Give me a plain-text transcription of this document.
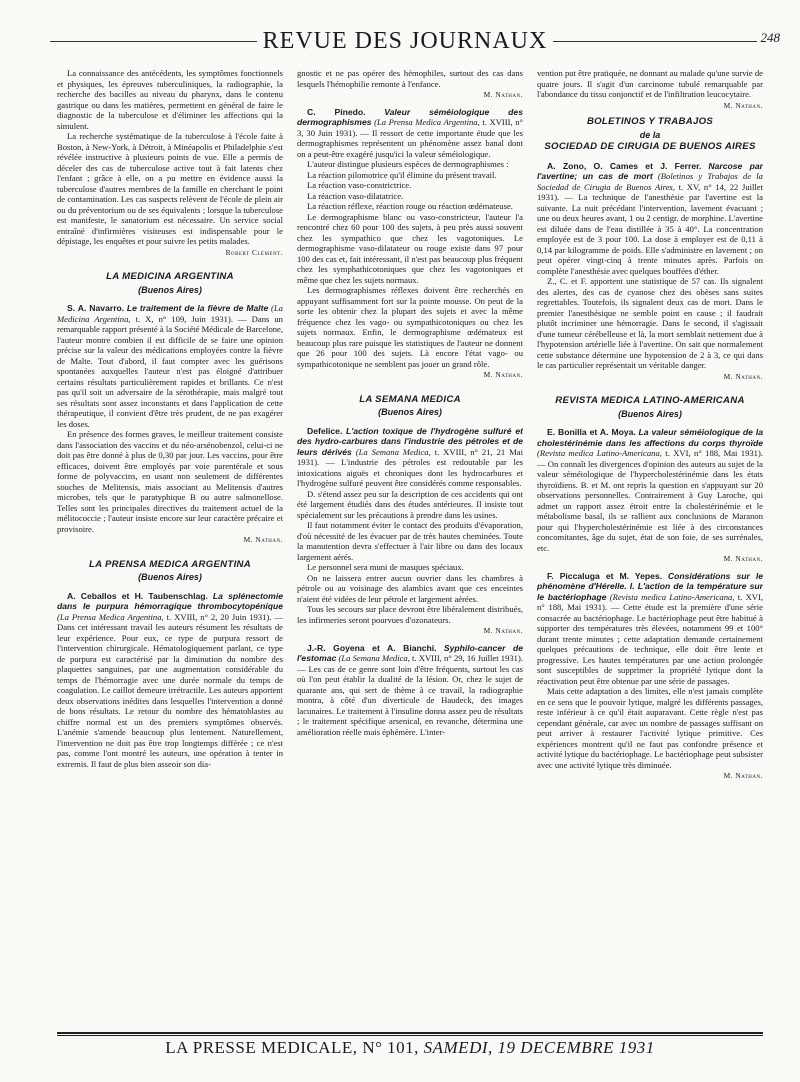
REVUE DES JOURNAUX	248

La connaissance des antécédents, les symptômes fonctionnels et physiques, les épreuves tuberculiniques, la radiographie, la recherche des bacilles au niveau du pharynx, dans le contenu gastrique ou dans les matières, permettent en général de faire le diagnostic de la tuberculose et d'éliminer les affections qui la simulent.

La recherche systématique de la tuberculose à l'école faite à Boston, à New-York, à Détroit, à Minéapolis et Philadelphie s'est révélée instructive à plusieurs points de vue. Elle a permis de déceler des cas de tuberculose active tout à fait latents chez l'enfant ; grâce à elle, on a pu mettre en évidence aussi la tuberculose d'autres membres de la famille en cherchant le point de contamination. Les cas suspects relèvent de l'école de plein air ou du préventorium ou de ses équivalents ; lorsque la tuberculose est manifeste, le sanatorium est nécessaire. Un service social entraîné d'infirmières visiteuses est indispensable pour le dépistage, les enquêtes et pour suivre les petits malades.

Robert Clément.
LA MEDICINA ARGENTINA
(Buenos Aires)

S. A. Navarro. Le traitement de la fièvre de Malte (La Medicina Argentina, t. X, n° 109, Juin 1931). — Dans un remarquable rapport présenté à la Société Médicale de Barcelone, l'auteur montre combien il est difficile de se faire une opinion précise sur la valeur des médications employées contre la fièvre de Malte. Tout d'abord, il faut compter avec les guérisons spontanées auxquelles l'auteur n'est pas éloigné d'attribuer certains résultats particulièrement rapides et brillants. Ce n'est pas qu'il soit un adversaire de la sérothérapie, mais malgré tout ses résultats sont assez inconstants et dans l'application de cette thérapeutique, il convient d'être très prudent, de ne pas exagérer les doses.

En présence des formes graves, le meilleur traitement consiste dans l'association des vaccins et du néo-arsénobenzol, celui-ci ne doit pas être donné à plus de 0,30 par jour. Les vaccins, pour être efficaces, doivent être employés par voie parentérale et sous forme de polyvaccins, en usant non seulement de différentes souches de Melitensis, mais associant au Melitensis d'autres microbes, tels que le paratyphique B ou autre salmonellose. Telles sont les principales directives du traitement actuel de la mélitococcie ; l'auteur insiste encore sur leur caractère précaire et provisoire.

M. Nathan.
LA PRENSA MEDICA ARGENTINA
(Buenos Aires)

A. Ceballos et H. Taubenschlag. La splénectomie dans le purpura hémorragique thrombocytopénique (La Prensa Medica Argentina, t. XVIII, n° 2, 20 Juin 1931). — Dans cet intéressant travail les auteurs résument les résultats de leur expérience. Pour eux, ce type de purpura ressort de l'intervention chirurgicale. Hématologiquement parlant, ce type de purpura est caractérisé par la diminution du nombre des plaquettes sanguines, par une augmentation considérable du temps de l'hémorragie avec une durée normale du temps de coagulation. Le caillot demeure irrétractile. Les auteurs apportent deux observations inédites dans lesquelles l'intervention a donné de bons résultats. Le retour du nombre des hématoblastes au chiffre normal est un des premiers symptômes observés. L'anémie s'amende beaucoup plus lentement. Naturellement, l'intervention ne doit pas être trop longtemps différée ; ce n'est pas, comme l'ont montré les auteurs, une opération à tenter in extremis. Il faut de plus bien asseoir son dia-

gnostic et ne pas opérer des hémophiles, surtout des cas dans lesquels l'hémophilie remonte à l'enfance.

M. Nathan.

C. Pinedo. Valeur séméiologique des dermographismes (La Prensa Medica Argentina, t. XVIII, n° 3, 30 Juin 1931). — Il ressort de cette importante étude que les dermographismes représentent un phénomène assez banal dont on a peut-être exagéré jusqu'ici la valeur séméiologique.

L'auteur distingue plusieurs espèces de dermographismes :

La réaction pilomotrice qu'il élimine du présent travail.

La réaction vaso-constrictrice.

La réaction vaso-dilatatrice.

La réaction réflexe, réaction rouge ou réaction œdémateuse.

Le dermographisme blanc ou vaso-constricteur, l'auteur l'a rencontré chez 60 pour 100 des sujets, à peu près aussi souvent chez les sympathico que chez les vagotoniques. Le dermographisme vaso-dilatateur ou rouge existe dans 97 pour 100 des cas et, fait intéressant, il n'est pas beaucoup plus fréquent chez les symphathicotoniques que chez les vagotoniques et même que chez les sujets normaux.

Les dermographismes réflexes doivent être recherchés en appuyant suffisamment fort sur la pointe mousse. On peut de la sorte les obtenir chez la plupart des sujets et avec la même fréquence chez les vago- ou sympathicotoniques ou chez les sujets normaux. Enfin, le dermographisme œdémateux est beaucoup plus rare puisque les statistiques de l'auteur ne donnent que 26 pour 100 des sujets. Là encore l'état vago- ou sympathicotonique ne semblent pas jouer un grand rôle.

M. Nathan.
LA SEMANA MEDICA
(Buenos Aires)

Defelice. L'action toxique de l'hydrogène sulfuré et des hydro-carbures dans l'industrie des pétroles et de leurs dérivés (La Semana Medica, t. XVIII, n° 21, 21 Mai 1931). — L'industrie des pétroles est redoutable par les intoxications aiguës et chroniques dont les hydrocarbures et l'hydrogène sulfuré peuvent être considérés comme responsables.

D. s'étend assez peu sur la description de ces accidents qui ont été largement étudiés dans des études antérieures. Il insiste tout spécialement sur les précautions à prendre dans les usines.

Il faut notamment éviter le contact des produits d'évaporation, d'où nécessité de les évacuer par de très hautes cheminées. Toute la manutention devra s'effectuer à l'air libre ou dans des locaux largement aérés.

Le personnel sera muni de masques spéciaux.

On ne laissera entrer aucun ouvrier dans les chambres à pétrole ou au voisinage des alambics avant que ces enceintes n'aient été vidées de leur pétrole et largement aérées.

Tous les secours sur place devront être libéralement distribués, les infirmeries seront pourvues d'ozonateurs.

M. Nathan.

J.-R. Goyena et A. Bianchi. Syphilo-cancer de l'estomac (La Semana Medica, t. XVIII, n° 29, 16 Juillet 1931). — Les cas de ce genre sont loin d'être fréquents, surtout les cas où l'on peut établir la dualité de la lésion. Or, chez le sujet de quarante ans, qui sert de thème à ce travail, la radiographie montra, à côté d'un diverticule de Haudeck, des images lacunaires. Le traitement à l'insuline donna assez peu de résultats ; le traitement spécifique arsenical, en revanche, détermina une amélioration réelle mais éphémère. L'inter-

vention put être pratiquée, ne donnant au malade qu'une survie de quatre jours. Il s'agit d'un carcinome tubulé remarquable par l'abondance du tissu conjonctif et de l'infiltration leucocytaire.

M. Nathan.
BOLETINOS Y TRABAJOS
de la
SOCIEDAD DE CIRUGIA DE BUENOS AIRES

A. Zono, O. Cames et J. Ferrer. Narcose par l'avertine; un cas de mort (Boletinos y Trabajos de la Sociedad de Cirugia de Buenos Aires, t. XV, n° 14, 22 Juillet 1931). — La technique de l'anesthésie par l'avertine est la suivante. La nuit précédant l'intervention, lavement évacuant ; une ou deux heures avant, 1 ou 2 centigr. de morphine. L'avertine est diluée dans de l'eau distillée à 35 à 40°. La concentration employée est de 3 pour 100. La dose à employer est de 0,11 à 0,14 par kilogramme de poids. Elle s'administre en lavement ; on peut opérer vingt-cinq à trente minutes après. Parfois on complète l'anesthésie avec quelques bouffées d'éther.

Z., C. et F. apportent une statistique de 57 cas. Ils signalent des alertes, des cas de cyanose chez des obèses sans suites regrettables. Toutefois, ils signalent deux cas de mort. Dans le premier l'anesthésique ne semble point en cause ; il faudrait plutôt incriminer une hémorragie. Dans le second, il s'agissait d'une tumeur cérébelleuse et là, la mort semblait nettement due à l'hypotension artérielle liée à l'avertine. On sait que normalement cette substance détermine une hypotension de 2 à 3, ce qui dans le cas particulier représentait un véritable danger.

M. Nathan.
REVISTA MEDICA LATINO-AMERICANA
(Buenos Aires)

E. Bonilla et A. Moya. La valeur séméiologique de la cholestérinémie dans les affections du corps thyroïde (Revista medica Latino-Americana, t. XVI, n° 188, Mai 1931). — On connaît les divergences d'opinion des auteurs au sujet de la valeur séméiologique de l'hypercholestérinémie dans les états thyroïdiens. B. et M. ont repris la question en s'appuyant sur 20 observations personnelles. Contrairement à Guy Laroche, qui admet un rapport assez étroit entre la cholestérinémie et le métabolisme basal, ils se rallient aux conclusions de Maranon pour qui l'hypercholestérinémie est liée à des circonstances concomitantes, âge du sujet, état de son foie, de ses surrénales, etc.

M. Nathan.

F. Piccaluga et M. Yepes. Considérations sur le phénomène d'Hérelle. I. L'action de la température sur le bactériophage (Revista medica Latino-Americana, t. XVI, n° 188, Mai 1931). — Cette étude est la première d'une série consacrée au bactériophage. Le bactériophage peut être habitué à supporter des températures très élevées, notamment 99 et 100° durant trente minutes ; cette adaptation demande certainement quelques précautions de technique, elle doit être lente et progressive. Les hautes températures par une action prolongée sont susceptibles de supprimer la propriété lytique dont la réactivation peut être obtenue par une série de passages.

Mais cette adaptation a des limites, elle n'est jamais complète en ce sens que le pouvoir lytique, malgré les différents passages, reste inférieur à ce qu'il était auparavant. Cette règle n'est pas cependant générale, car avec un nombre de passages suffisant on peut arriver à restaurer l'activité lytique primitive. Ces expériences montrent qu'il ne faut pas confondre présence et activité lytique du bactériophage. Le bactériophage peut subsister avec une activité lytique très diminuée.

M. Nathan.
LA PRESSE MEDICALE, N° 101, SAMEDI, 19 DECEMBRE 1931
